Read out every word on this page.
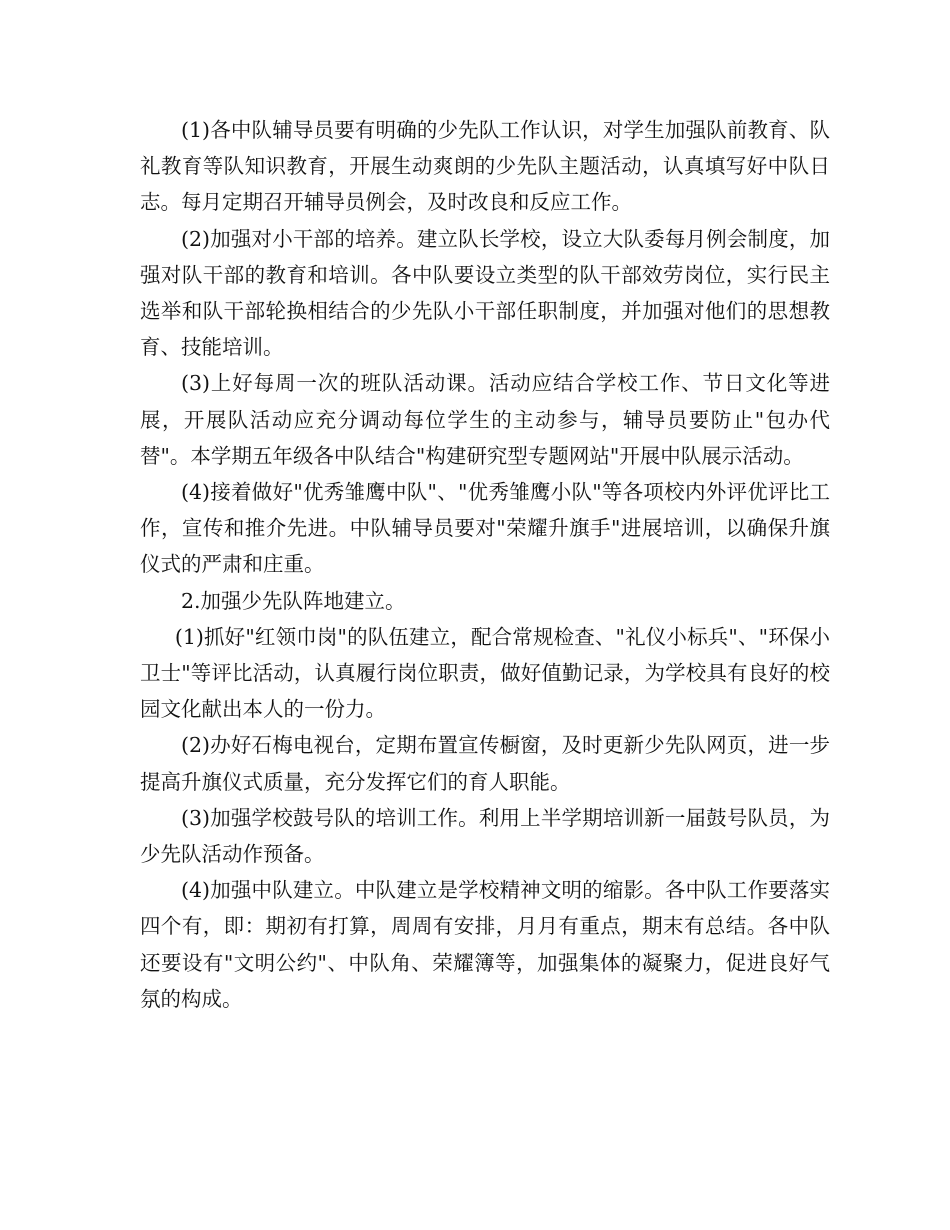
(1)各中队辅导员要有明确的少先队工作认识，对学生加强队前教育、队礼教育等队知识教育，开展生动爽朗的少先队主题活动，认真填写好中队日志。每月定期召开辅导员例会，及时改良和反应工作。

(2)加强对小干部的培养。建立队长学校，设立大队委每月例会制度，加强对队干部的教育和培训。各中队要设立类型的队干部效劳岗位，实行民主选举和队干部轮换相结合的少先队小干部任职制度，并加强对他们的思想教育、技能培训。

(3)上好每周一次的班队活动课。活动应结合学校工作、节日文化等进展，开展队活动应充分调动每位学生的主动参与，辅导员要防止"包办代替"。本学期五年级各中队结合"构建研究型专题网站"开展中队展示活动。

(4)接着做好"优秀雏鹰中队"、"优秀雏鹰小队"等各项校内外评优评比工作，宣传和推介先进。中队辅导员要对"荣耀升旗手"进展培训，以确保升旗仪式的严肃和庄重。

2.加强少先队阵地建立。

(1)抓好"红领巾岗"的队伍建立，配合常规检查、"礼仪小标兵"、"环保小卫士"等评比活动，认真履行岗位职责，做好值勤记录，为学校具有良好的校园文化献出本人的一份力。

(2)办好石梅电视台，定期布置宣传橱窗，及时更新少先队网页，进一步提高升旗仪式质量，充分发挥它们的育人职能。

(3)加强学校鼓号队的培训工作。利用上半学期培训新一届鼓号队员，为少先队活动作预备。

(4)加强中队建立。中队建立是学校精神文明的缩影。各中队工作要落实四个有，即：期初有打算，周周有安排，月月有重点，期末有总结。各中队还要设有"文明公约"、中队角、荣耀簿等，加强集体的凝聚力，促进良好气氛的构成。
